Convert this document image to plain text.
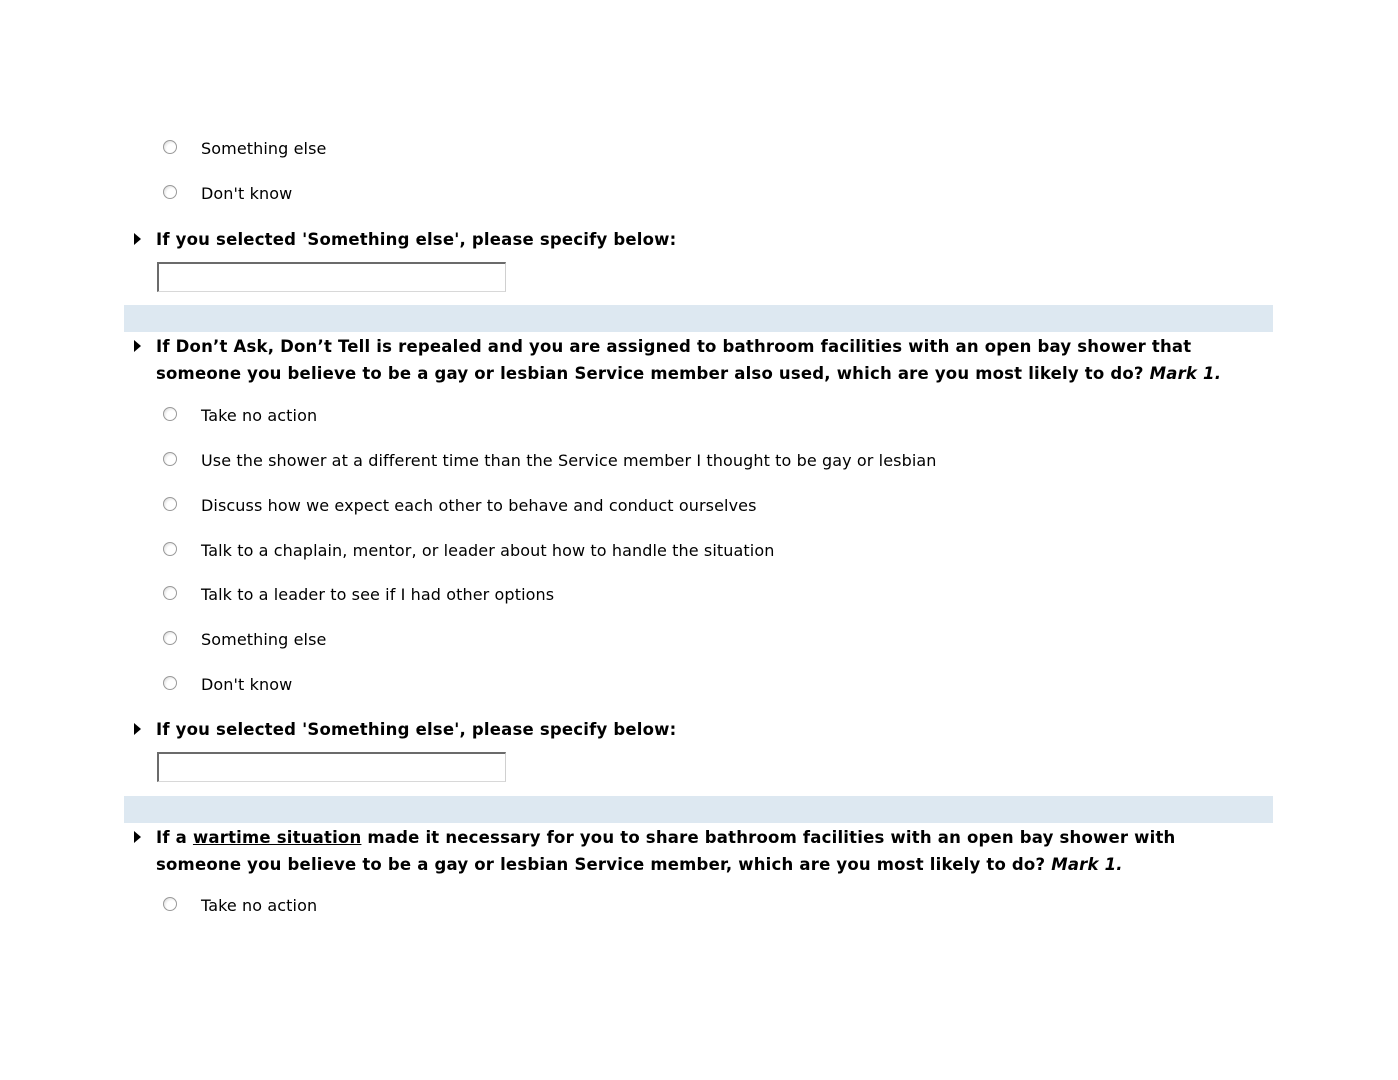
Something else
Don't know
If you selected 'Something else', please specify below:
If Don’t Ask, Don’t Tell is repealed and you are assigned to bathroom facilities with an open bay shower that someone you believe to be a gay or lesbian Service member also used, which are you most likely to do? Mark 1.
Take no action
Use the shower at a different time than the Service member I thought to be gay or lesbian
Discuss how we expect each other to behave and conduct ourselves
Talk to a chaplain, mentor, or leader about how to handle the situation
Talk to a leader to see if I had other options
Something else
Don't know
If you selected 'Something else', please specify below:
If a wartime situation made it necessary for you to share bathroom facilities with an open bay shower with someone you believe to be a gay or lesbian Service member, which are you most likely to do? Mark 1.
Take no action
